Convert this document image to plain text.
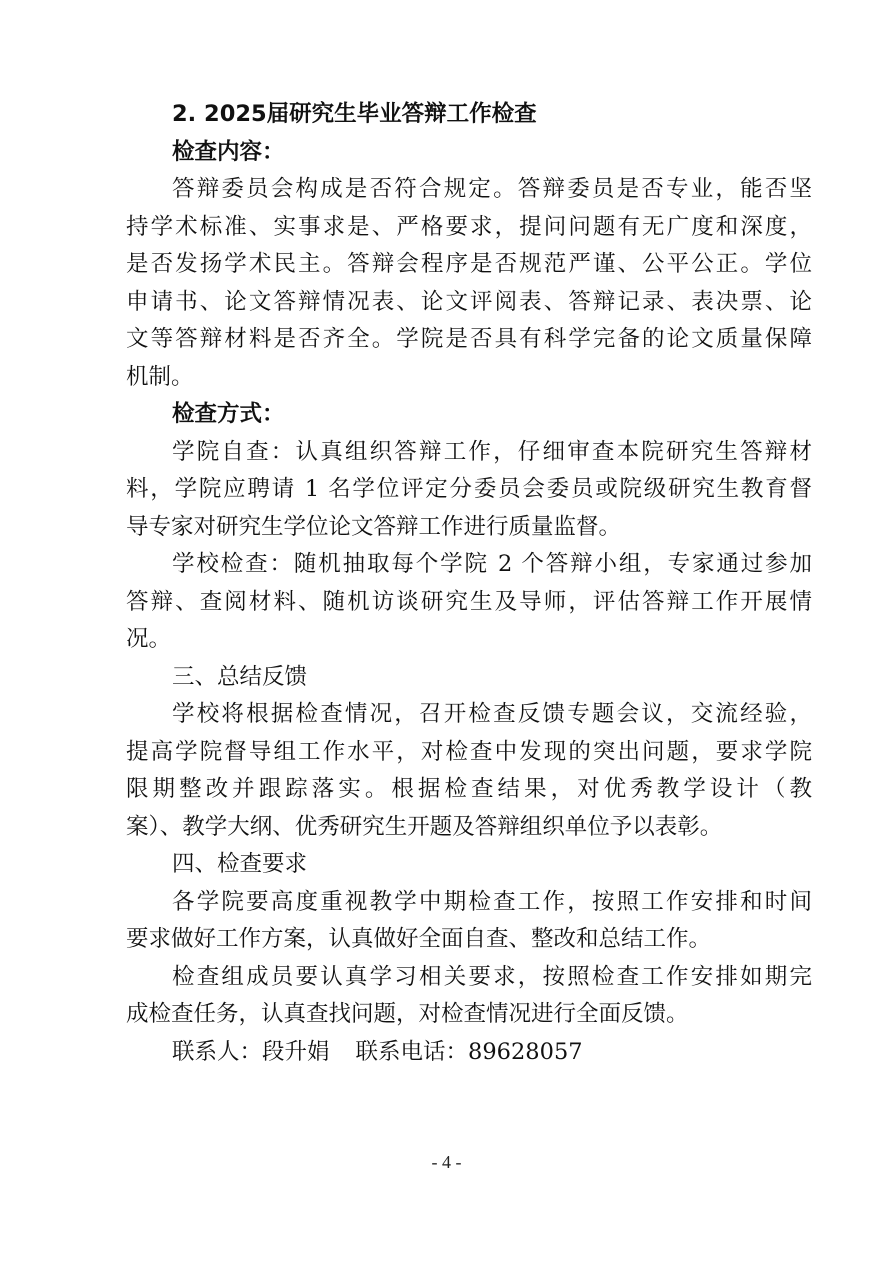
2. 2025届研究生毕业答辩工作检查
检查内容：
答辩委员会构成是否符合规定。答辩委员是否专业，能否坚
持学术标准、实事求是、严格要求，提问问题有无广度和深度，
是否发扬学术民主。答辩会程序是否规范严谨、公平公正。学位
申请书、论文答辩情况表、论文评阅表、答辩记录、表决票、论
文等答辩材料是否齐全。学院是否具有科学完备的论文质量保障
机制。
检查方式：
学院自查：认真组织答辩工作，仔细审查本院研究生答辩材
料，学院应聘请 1 名学位评定分委员会委员或院级研究生教育督
导专家对研究生学位论文答辩工作进行质量监督。
学校检查：随机抽取每个学院 2 个答辩小组，专家通过参加
答辩、查阅材料、随机访谈研究生及导师，评估答辩工作开展情
况。
三、总结反馈
学校将根据检查情况，召开检查反馈专题会议，交流经验，
提高学院督导组工作水平，对检查中发现的突出问题，要求学院
限期整改并跟踪落实。根据检查结果，对优秀教学设计（教
案）、教学大纲、优秀研究生开题及答辩组织单位予以表彰。
四、检查要求
各学院要高度重视教学中期检查工作，按照工作安排和时间
要求做好工作方案，认真做好全面自查、整改和总结工作。
检查组成员要认真学习相关要求，按照检查工作安排如期完
成检查任务，认真查找问题，对检查情况进行全面反馈。
联系人：段升娟 联系电话：89628057
- 4 -
